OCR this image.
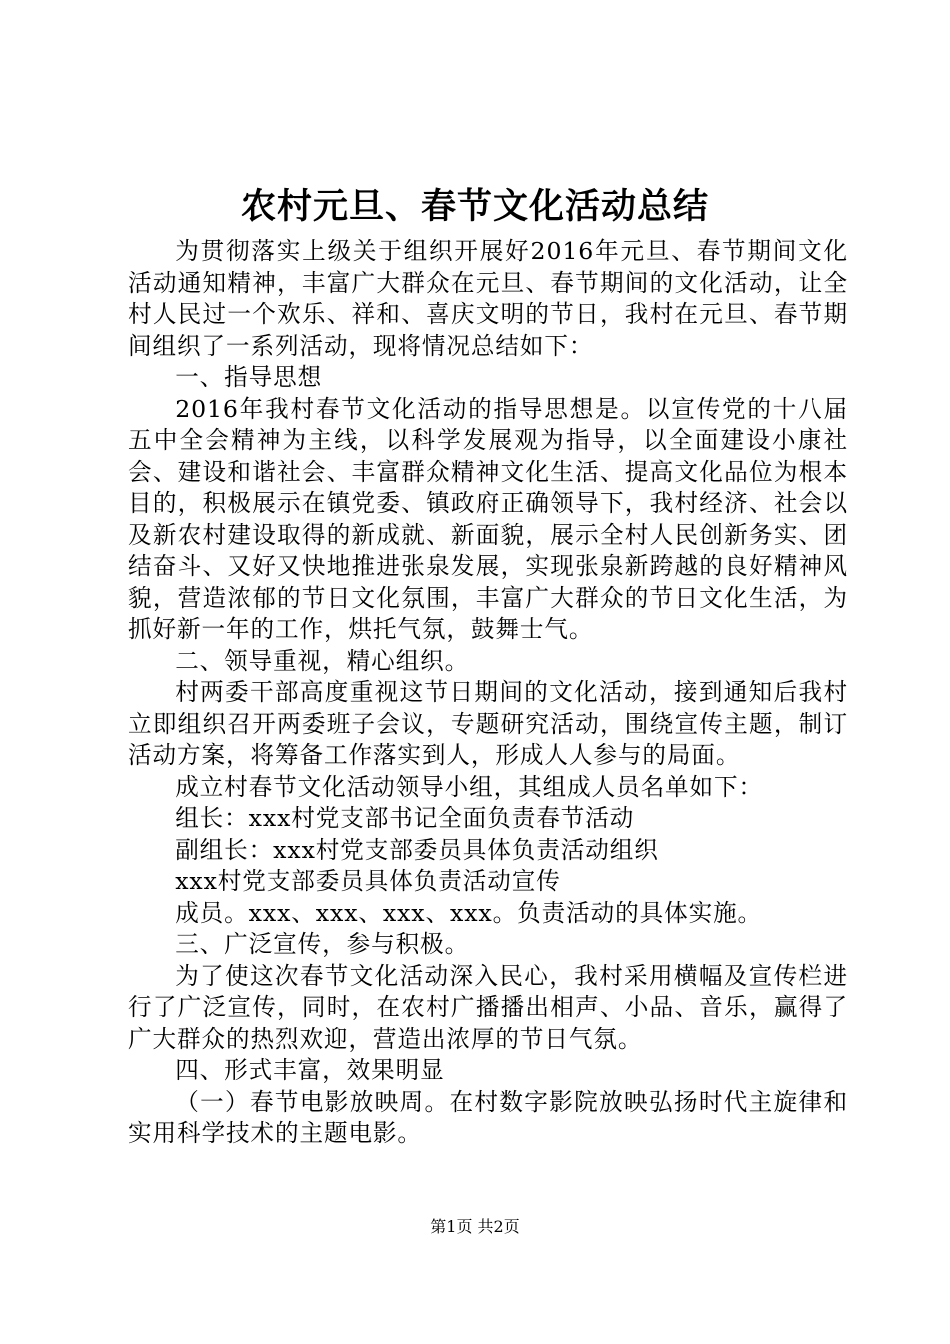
农村元旦、春节文化活动总结

为贯彻落实上级关于组织开展好2016年元旦、春节期间文化活动通知精神，丰富广大群众在元旦、春节期间的文化活动，让全村人民过一个欢乐、祥和、喜庆文明的节日，我村在元旦、春节期间组织了一系列活动，现将情况总结如下：

一、指导思想

2016年我村春节文化活动的指导思想是。以宣传党的十八届五中全会精神为主线，以科学发展观为指导，以全面建设小康社会、建设和谐社会、丰富群众精神文化生活、提高文化品位为根本目的，积极展示在镇党委、镇政府正确领导下，我村经济、社会以及新农村建设取得的新成就、新面貌，展示全村人民创新务实、团结奋斗、又好又快地推进张泉发展，实现张泉新跨越的良好精神风貌，营造浓郁的节日文化氛围，丰富广大群众的节日文化生活，为抓好新一年的工作，烘托气氛，鼓舞士气。

二、领导重视，精心组织。

村两委干部高度重视这节日期间的文化活动，接到通知后我村立即组织召开两委班子会议，专题研究活动，围绕宣传主题，制订活动方案，将筹备工作落实到人，形成人人参与的局面。

成立村春节文化活动领导小组，其组成人员名单如下：

组长：xxx村党支部书记全面负责春节活动

副组长：xxx村党支部委员具体负责活动组织

xxx村党支部委员具体负责活动宣传

成员。xxx、xxx、xxx、xxx。负责活动的具体实施。

三、广泛宣传，参与积极。

为了使这次春节文化活动深入民心，我村采用横幅及宣传栏进行了广泛宣传，同时，在农村广播播出相声、小品、音乐，赢得了广大群众的热烈欢迎，营造出浓厚的节日气氛。

四、形式丰富，效果明显

（一）春节电影放映周。在村数字影院放映弘扬时代主旋律和实用科学技术的主题电影。

第1页 共2页
